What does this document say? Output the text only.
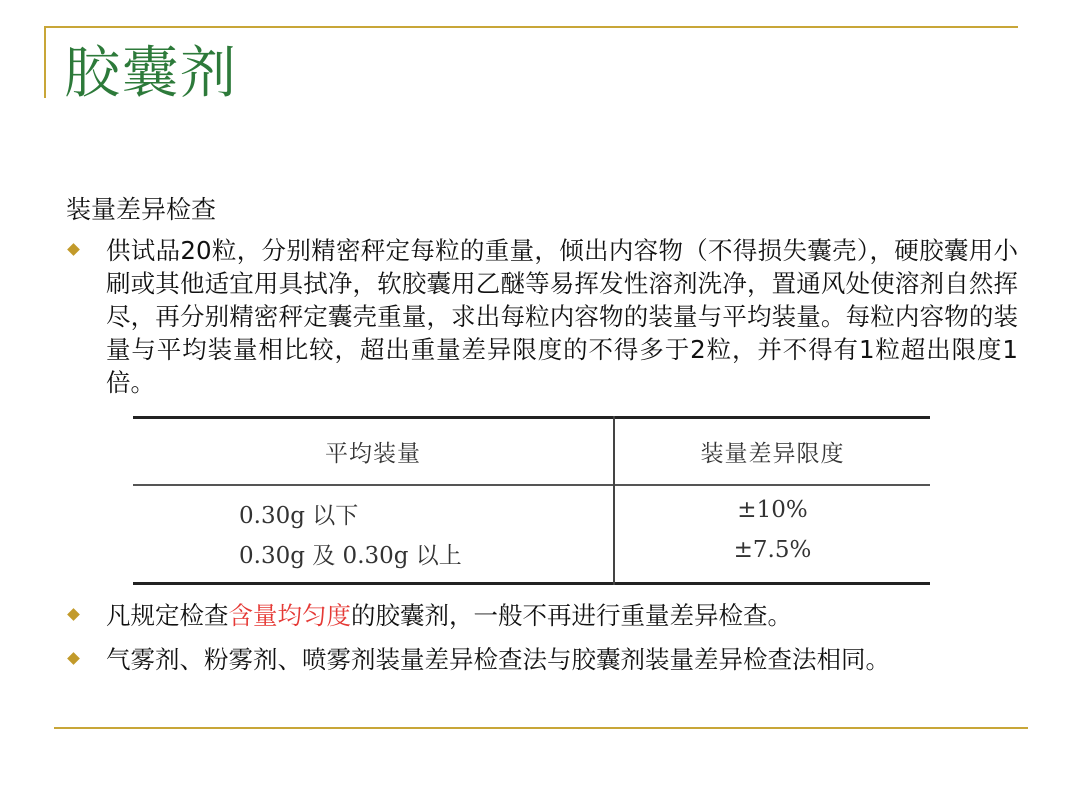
胶囊剂
装量差异检查
供试品20粒，分别精密秤定每粒的重量，倾出内容物（不得损失囊壳），硬胶囊用小刷或其他适宜用具拭净，软胶囊用乙醚等易挥发性溶剂洗净，置通风处使溶剂自然挥尽，再分别精密秤定囊壳重量，求出每粒内容物的装量与平均装量。每粒内容物的装量与平均装量相比较，超出重量差异限度的不得多于2粒，并不得有1粒超出限度1倍。
平均装量	装量差异限度
0.30g 以下
0.30g 及 0.30g 以上
±10%
±7.5%
凡规定检查含量均匀度的胶囊剂，一般不再进行重量差异检查。
气雾剂、粉雾剂、喷雾剂装量差异检查法与胶囊剂装量差异检查法相同。
